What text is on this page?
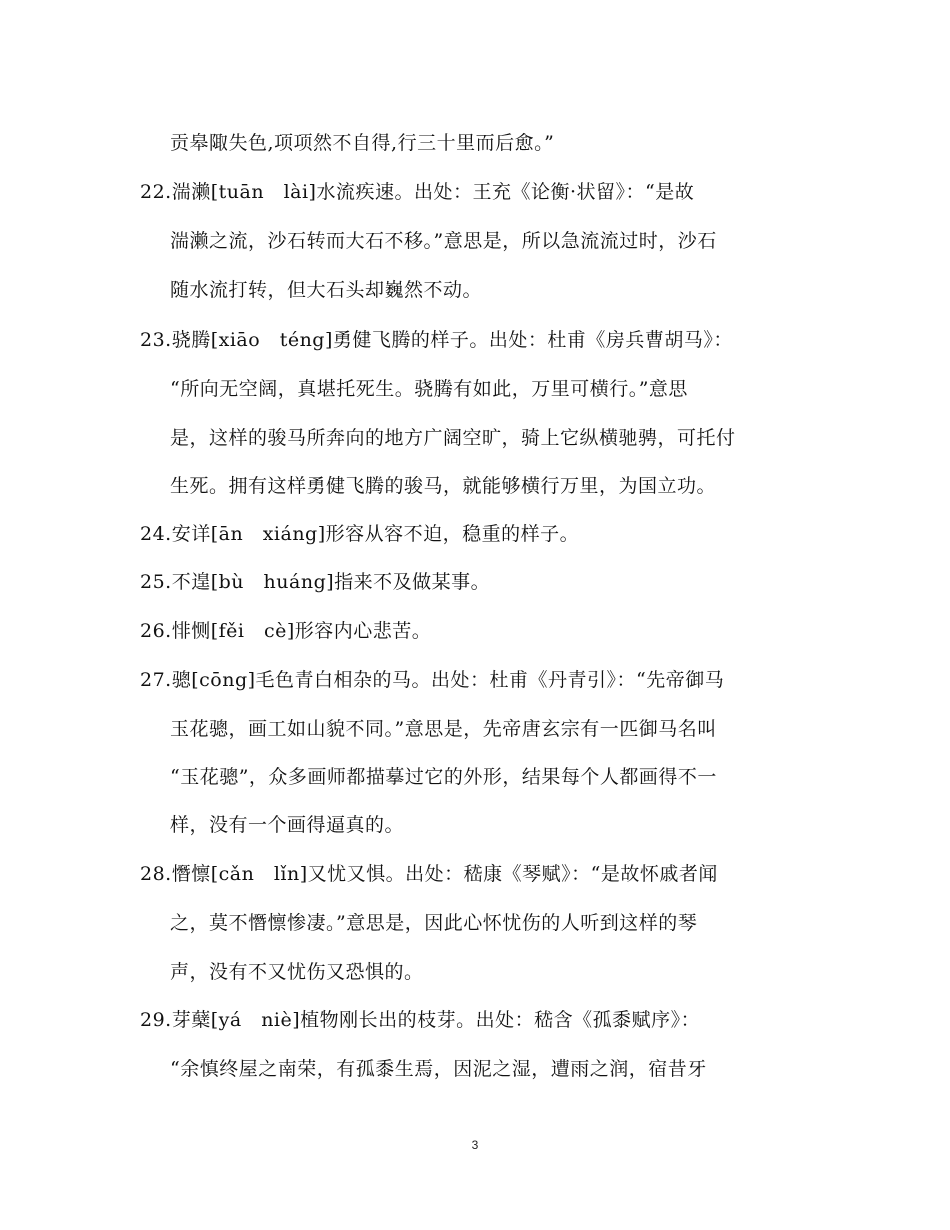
贡皋陬失色,项项然不自得,行三十里而后愈。”
22.湍濑[tuān　lài]水流疾速。出处：王充《论衡·状留》：“是故
湍濑之流，沙石转而大石不移。”意思是，所以急流流过时，沙石
随水流打转，但大石头却巍然不动。
23.骁腾[xiāo　téng]勇健飞腾的样子。出处：杜甫《房兵曹胡马》：
“所向无空阔，真堪托死生。骁腾有如此，万里可横行。”意思
是，这样的骏马所奔向的地方广阔空旷，骑上它纵横驰骋，可托付
生死。拥有这样勇健飞腾的骏马，就能够横行万里，为国立功。
24.安详[ān　xiáng]形容从容不迫，稳重的样子。
25.不遑[bù　huáng]指来不及做某事。
26.悱恻[fěi　cè]形容内心悲苦。
27.骢[cōng]毛色青白相杂的马。出处：杜甫《丹青引》：“先帝御马
玉花骢，画工如山貌不同。”意思是，先帝唐玄宗有一匹御马名叫
“玉花骢”，众多画师都描摹过它的外形，结果每个人都画得不一
样，没有一个画得逼真的。
28.憯懔[cǎn　lǐn]又忧又惧。出处：嵇康《琴赋》：“是故怀戚者闻
之，莫不憯懔惨凄。”意思是，因此心怀忧伤的人听到这样的琴
声，没有不又忧伤又恐惧的。
29.芽蘖[yá　niè]植物刚长出的枝芽。出处：嵇含《孤黍赋序》：
“余慎终屋之南荣，有孤黍生焉，因泥之湿，遭雨之润，宿昔牙
3
